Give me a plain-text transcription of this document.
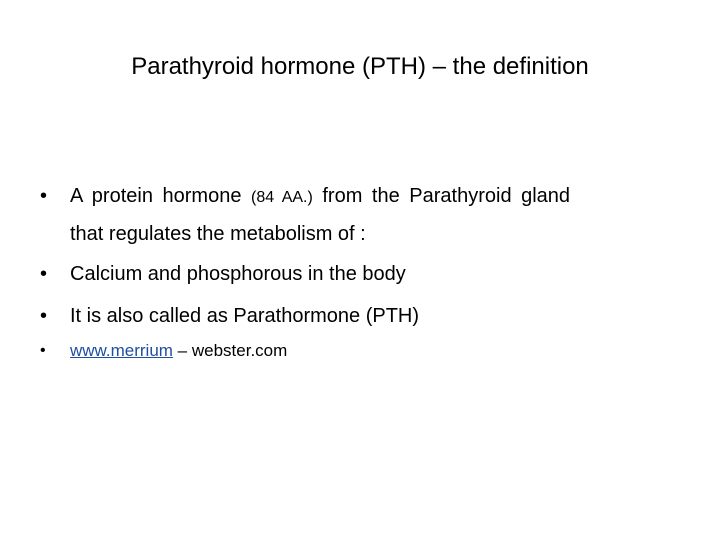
Parathyroid hormone (PTH) – the definition
• A protein hormone (84 AA.) from the Parathyroid gland
that regulates the metabolism of :
• Calcium and phosphorous in the body
• It is also called as Parathormone (PTH)
• www.merrium – webster.com
